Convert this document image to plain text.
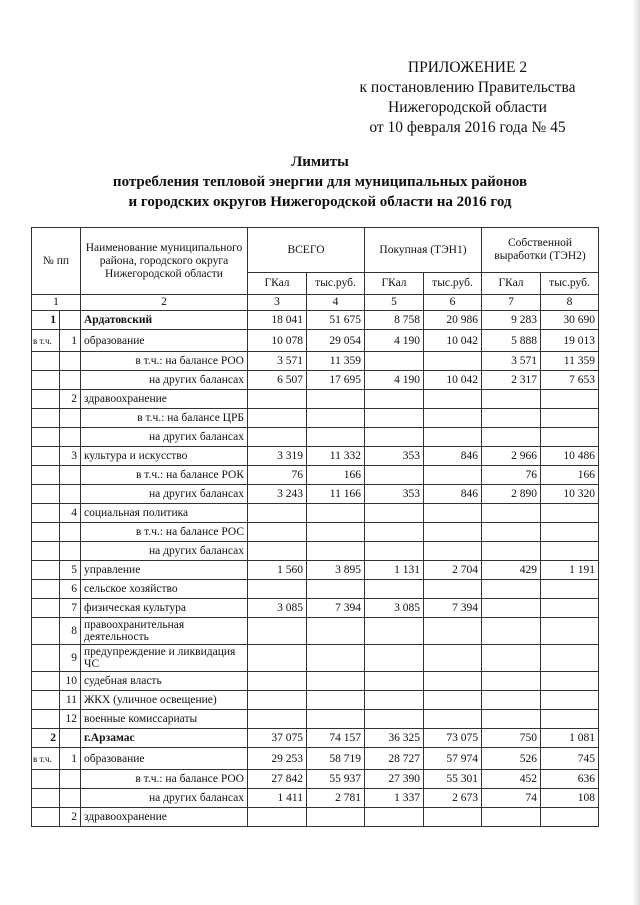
ПРИЛОЖЕНИЕ 2
к постановлению Правительства
Нижегородской области
от 10 февраля 2016 года № 45
Лимиты
потребления тепловой энергии для муниципальных районов
и городских округов Нижегородской области на 2016 год
№ пп		Наименование муниципального района, городского округа Нижегородской области	ВСЕГО		Покупная (ТЭН1)		Собственной выработки (ТЭН2)	
			ГКал	тыс.руб.	ГКал	тыс.руб.	ГКал	тыс.руб.
1		2	3	4	5	6	7	8
1		Ардатовский	18 041	51 675	8 758	20 986	9 283	30 690
в т.ч.	1	образование	10 078	29 054	4 190	10 042	5 888	19 013
		в т.ч.: на балансе РОО	3 571	11 359			3 571	11 359
		на других балансах	6 507	17 695	4 190	10 042	2 317	7 653
	2	здравоохранение						
		в т.ч.: на балансе ЦРБ						
		на других балансах						
	3	культура и искусство	3 319	11 332	353	846	2 966	10 486
		в т.ч.: на балансе РОК	76	166			76	166
		на других балансах	3 243	11 166	353	846	2 890	10 320
	4	социальная политика						
		в т.ч.: на балансе РОС						
		на других балансах						
	5	управление	1 560	3 895	1 131	2 704	429	1 191
	6	сельское хозяйство						
	7	физическая культура	3 085	7 394	3 085	7 394		
	8	правоохранительная деятельность						
	9	предупреждение и ликвидация ЧС						
	10	судебная власть						
	11	ЖКХ (уличное освещение)						
	12	военные комиссариаты						
2		г.Арзамас	37 075	74 157	36 325	73 075	750	1 081
в т.ч.	1	образование	29 253	58 719	28 727	57 974	526	745
		в т.ч.: на балансе РОО	27 842	55 937	27 390	55 301	452	636
		на других балансах	1 411	2 781	1 337	2 673	74	108
	2	здравоохранение						
